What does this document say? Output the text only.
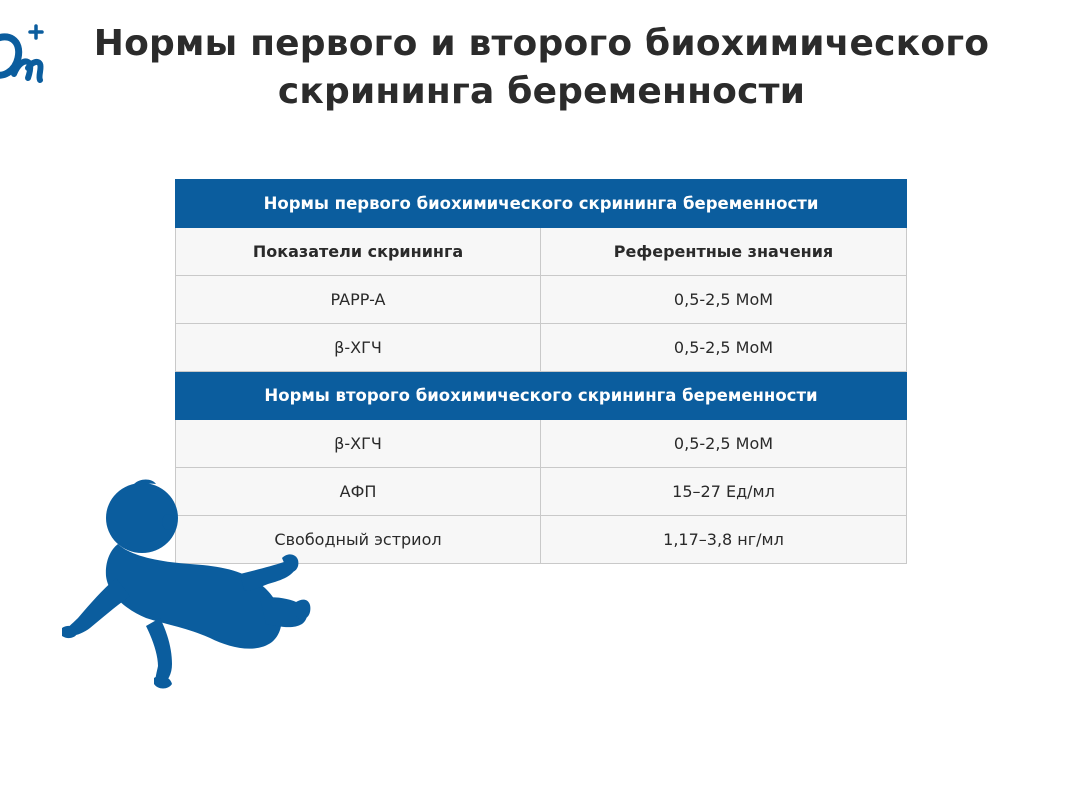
Нормы первого и второго биохимического
скрининга беременности
Нормы первого биохимического скрининга беременности	
Показатели скрининга	Референтные значения
PAPP-A	0,5-2,5 МоМ
β-ХГЧ	0,5-2,5 МоМ
Нормы второго биохимического скрининга беременности	
β-ХГЧ	0,5-2,5 МоМ
АФП	15–27 Ед/мл
Свободный эстриол	1,17–3,8 нг/мл
